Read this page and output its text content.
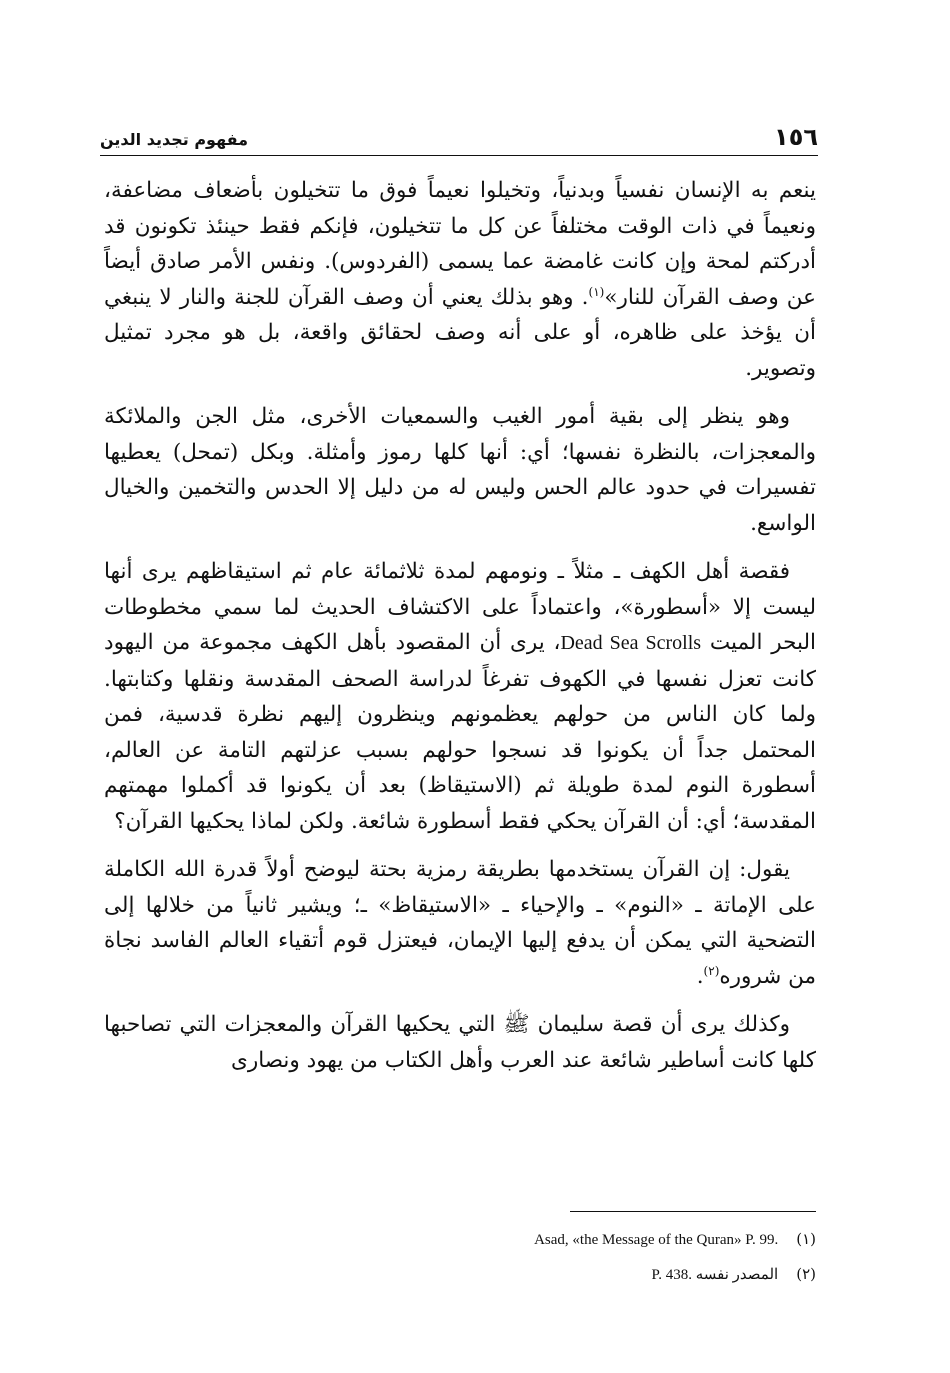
١٥٦
مفهوم تجديد الدين

ينعم به الإنسان نفسياً وبدنياً، وتخيلوا نعيماً فوق ما تتخيلون بأضعاف مضاعفة، ونعيماً في ذات الوقت مختلفاً عن كل ما تتخيلون، فإنكم فقط حينئذ تكونون قد أدركتم لمحة وإن كانت غامضة عما يسمى (الفردوس). ونفس الأمر صادق أيضاً عن وصف القرآن للنار»$^{(١)}$. وهو بذلك يعني أن وصف القرآن للجنة والنار لا ينبغي أن يؤخذ على ظاهره، أو على أنه وصف لحقائق واقعة، بل هو مجرد تمثيل وتصوير.

وهو ينظر إلى بقية أمور الغيب والسمعيات الأخرى، مثل الجن والملائكة والمعجزات، بالنظرة نفسها؛ أي: أنها كلها رموز وأمثلة. وبكل (تمحل) يعطيها تفسيرات في حدود عالم الحس وليس له من دليل إلا الحدس والتخمين والخيال الواسع.

فقصة أهل الكهف ـ مثلاً ـ ونومهم لمدة ثلاثمائة عام ثم استيقاظهم يرى أنها ليست إلا «أسطورة»، واعتماداً على الاكتشاف الحديث لما سمي مخطوطات البحر الميت Dead Sea Scrolls، يرى أن المقصود بأهل الكهف مجموعة من اليهود كانت تعزل نفسها في الكهوف تفرغاً لدراسة الصحف المقدسة ونقلها وكتابتها. ولما كان الناس من حولهم يعظمونهم وينظرون إليهم نظرة قدسية، فمن المحتمل جداً أن يكونوا قد نسجوا حولهم بسبب عزلتهم التامة عن العالم، أسطورة النوم لمدة طويلة ثم (الاستيقاظ) بعد أن يكونوا قد أكملوا مهمتهم المقدسة؛ أي: أن القرآن يحكي فقط أسطورة شائعة. ولكن لماذا يحكيها القرآن؟

يقول: إن القرآن يستخدمها بطريقة رمزية بحتة ليوضح أولاً قدرة الله الكاملة على الإماتة ـ «النوم» ـ والإحياء ـ «الاستيقاظ» ـ؛ ويشير ثانياً من خلالها إلى التضحية التي يمكن أن يدفع إليها الإيمان، فيعتزل قوم أتقياء العالم الفاسد نجاة من شروره$^{(٢)}$.

وكذلك يرى أن قصة سليمان ﷺ التي يحكيها القرآن والمعجزات التي تصاحبها كلها كانت أساطير شائعة عند العرب وأهل الكتاب من يهود ونصارى

(١)
Asad, «the Message of the Quran» P. 99.
(٢)
المصدر نفسه P. 438.
